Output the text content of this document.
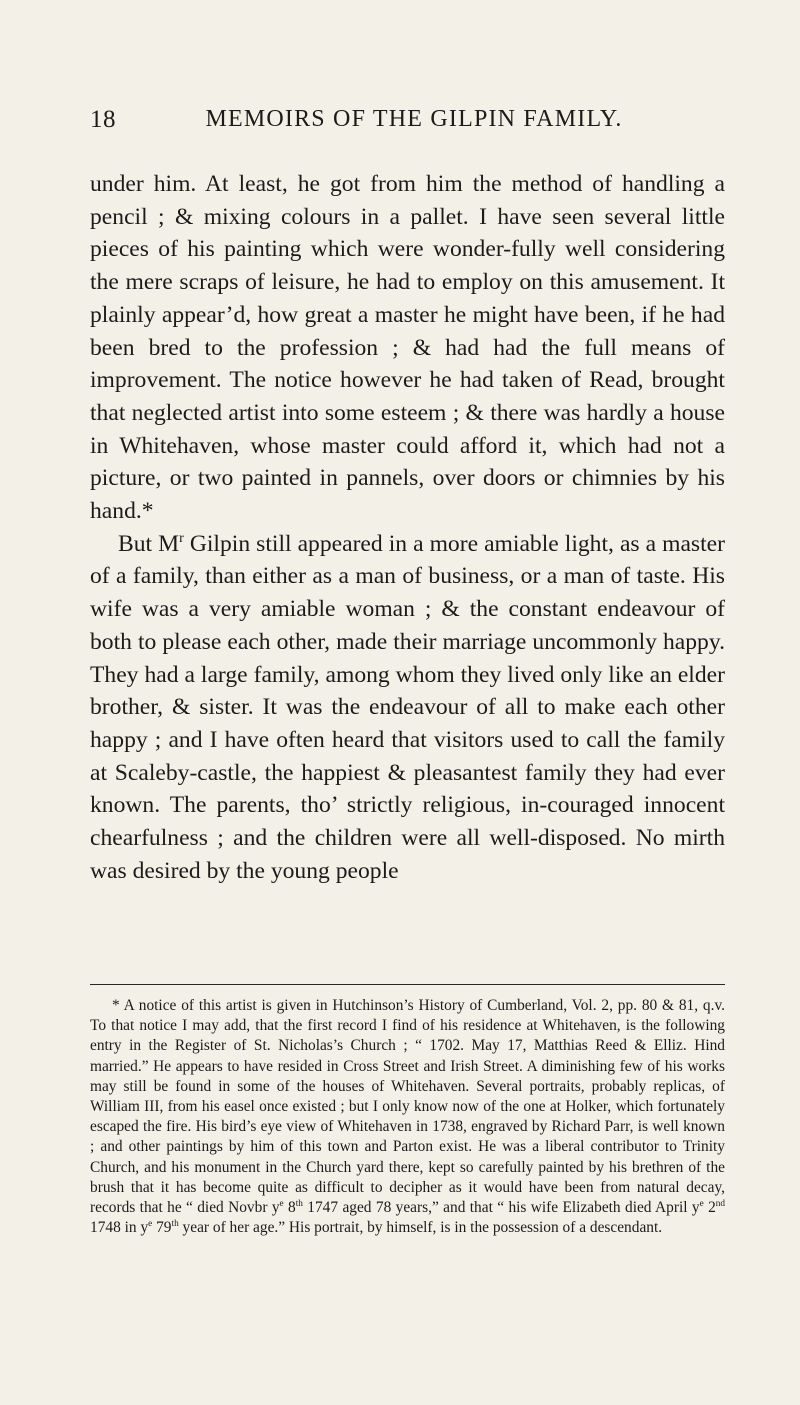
18	MEMOIRS OF THE GILPIN FAMILY.

under him. At least, he got from him the method of handling a pencil ; & mixing colours in a pallet. I have seen several little pieces of his painting which were wonder-fully well considering the mere scraps of leisure, he had to employ on this amusement. It plainly appear’d, how great a master he might have been, if he had been bred to the profession ; & had had the full means of improvement. The notice however he had taken of Read, brought that neglected artist into some esteem ; & there was hardly a house in Whitehaven, whose master could afford it, which had not a picture, or two painted in pannels, over doors or chimnies by his hand.*

But $M^r$ Gilpin still appeared in a more amiable light, as a master of a family, than either as a man of business, or a man of taste. His wife was a very amiable woman ; & the constant endeavour of both to please each other, made their marriage uncommonly happy. They had a large family, among whom they lived only like an elder brother, & sister. It was the endeavour of all to make each other happy ; and I have often heard that visitors used to call the family at Scaleby-castle, the happiest & pleasantest family they had ever known. The parents, tho’ strictly religious, in-couraged innocent chearfulness ; and the children were all well-disposed. No mirth was desired by the young people

* A notice of this artist is given in Hutchinson’s History of Cumberland, Vol. 2, pp. 80 & 81, q.v. To that notice I may add, that the first record I find of his residence at Whitehaven, is the following entry in the Register of St. Nicholas’s Church ; “ 1702. May 17, Matthias Reed & Elliz. Hind married.” He appears to have resided in Cross Street and Irish Street. A diminishing few of his works may still be found in some of the houses of Whitehaven. Several portraits, probably replicas, of William III, from his easel once existed ; but I only know now of the one at Holker, which fortunately escaped the fire. His bird’s eye view of Whitehaven in 1738, engraved by Richard Parr, is well known ; and other paintings by him of this town and Parton exist. He was a liberal contributor to Trinity Church, and his monument in the Church yard there, kept so carefully painted by his brethren of the brush that it has become quite as difficult to decipher as it would have been from natural decay, records that he “ died Novbr $y^e$ 8th 1747 aged 78 years,” and that “ his wife Elizabeth died April $y^e$ 2nd 1748 in $y^e$ 79th year of her age.” His portrait, by himself, is in the possession of a descendant.
